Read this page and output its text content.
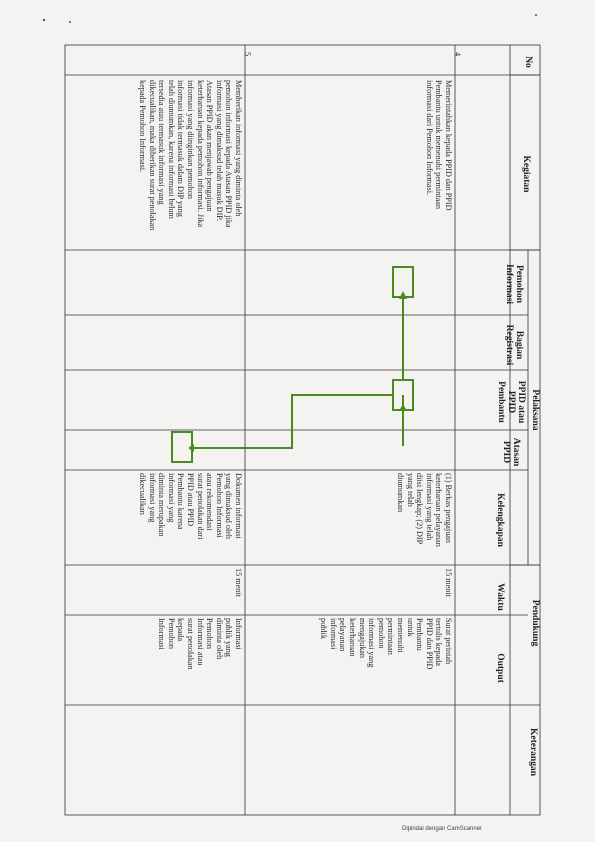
No
Kegiatan
Pelaksana
Pemohon
Informasi
Bagian
Registrasi
PPID atau
PPID
Pembantu
Atasan
PPID
Pendukung
Kelengkapan
Waktu
Output
Keterangan
4
Memerintahkan kepada PPID dan PPID
Pembantu untuk memenuhi permintaan
informasi dari Pemohon Informasi.
(1) Berkas pengajuan
keterbaruan pelayanan
informasi yang telah
diisi lengkap; (2) DIP
yang telah
diumumkan
15 menit
Surat perintah
tertulis kepada
PPID dan PPID
Pembantu
untuk
memenuhi
permintaan
pemohon
informasi yang
mengajukan
keterbaruan
pelayanan
informasi
publik
5
Memberikan informasi yang diminta oleh
pemohon informasi kepada Atasan PPID jika
informasi yang dimaksud telah masuk DIP.
Atasan PPID akan menjawab pengajuan
keterbaruan kepada pemohon informasi. Jika
informasi yang diinginkan pemohon
informasi tidak termasuk dalam DIP yang
telah diumumkan, karena informasi belum
tersedia atau termasuk informasi yang
dikecualikan, maka diberikan surat penolakan
kepada Pemohon Informasi.
Dokumen informasi
yang dimaksud oleh
Pemohon Informasi
atau rekomendasi
surat penolakan dari
PPID atau PPID
Pembantu karena
informasi yang
diminta merupakan
informasi yang
dikecualikan
15 menit
Informasi
publik yang
diminta oleh
Pemohon
Informasi atau
surat penolakan
kepada
Pemohon
Informasi
Dipindai dengan CamScanner
